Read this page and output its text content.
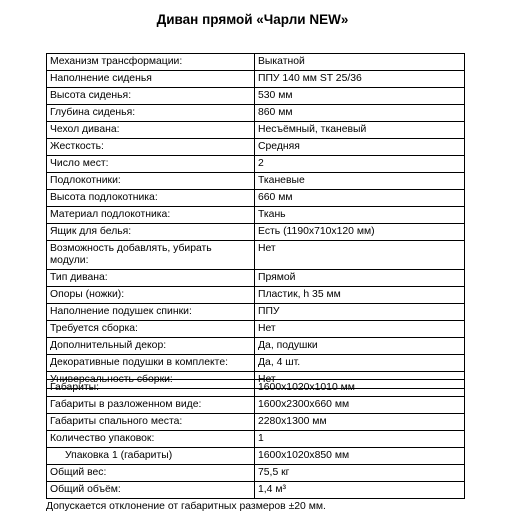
Диван прямой «Чарли NEW»
Механизм трансформации:	Выкатной
Наполнение сиденья	ППУ 140 мм ST 25/36
Высота сиденья:	530 мм
Глубина сиденья:	860 мм
Чехол дивана:	Несъёмный, тканевый
Жесткость:	Средняя
Число мест:	2
Подлокотники:	Тканевые
Высота подлокотника:	660 мм
Материал подлокотника:	Ткань
Ящик для белья:	Есть (1190x710x120 мм)
Возможность добавлять, убирать модули:	Нет
Тип дивана:	Прямой
Опоры (ножки):	Пластик, h 35 мм
Наполнение подушек спинки:	ППУ
Требуется сборка:	Нет
Дополнительный декор:	Да, подушки
Декоративные подушки в комплекте:	Да, 4 шт.
Универсальность сборки:	Нет
Габариты:	1600x1020x1010 мм
Габариты в разложенном виде:	1600x2300x660 мм
Габариты спального места:	2280x1300 мм
Количество упаковок:	1
Упаковка 1 (габариты)	1600x1020x850 мм
Общий вес:	75,5 кг
Общий объём:	1,4 м³
Допускается отклонение от габаритных размеров ±20 мм.
